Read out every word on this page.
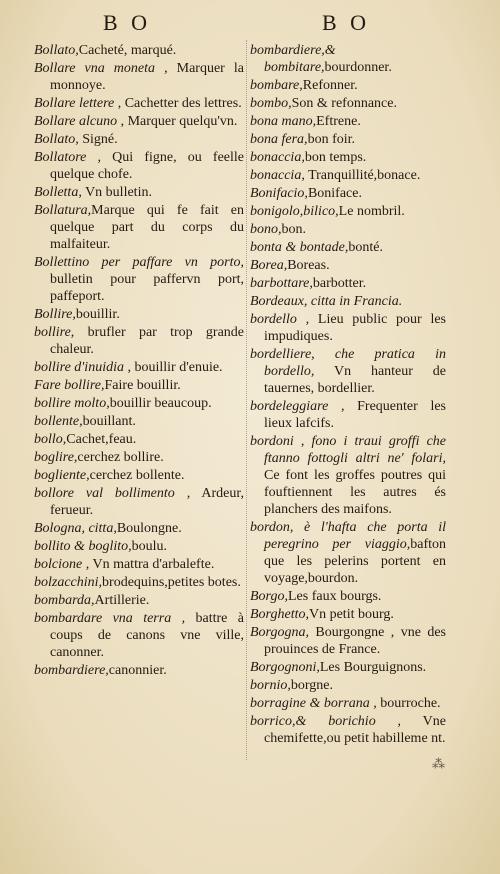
B O	B O

Bollato,Cacheté, marqué.

Bollare vna moneta , Marquer la monnoye.

Bollare lettere , Cachetter des lettres.

Bollare alcuno , Marquer quelqu'vn.

Bollato, Signé.

Bollatore , Qui figne, ou feelle quelque chofe.

Bolletta, Vn bulletin.

Bollatura,Marque qui fe fait en quelque part du corps du malfaiteur.

Bollettino per paffare vn porto, bulletin pour paffervn port, paffeport.

Bollire,bouillir.

bollire, brufler par trop grande chaleur.

bollire d'inuidia , bouillir d'enuie.

Fare bollire,Faire bouillir.

bollire molto,bouillir beaucoup.

bollente,bouillant.

bollo,Cachet,feau.

boglire,cerchez bollire.

bogliente,cerchez bollente.

bollore val bollimento , Ardeur, ferueur.

Bologna, citta,Boulongne.

bollito & boglito,boulu.

bolcione , Vn mattra d'arbalefte.

bolzacchini,brodequins,petites botes.

bombarda,Artillerie.

bombardare vna terra , battre à coups de canons vne ville, canonner.

bombardiere,canonnier.

bombardiere,& bombitare,bourdonner.

bombare,Refonner.

bombo,Son & refonnance.

bona mano,Eftrene.

bona fera,bon foir.

bonaccia,bon temps.

bonaccia, Tranquillité,bonace.

Bonifacio,Boniface.

bonigolo,bilico,Le nombril.

bono,bon.

bonta & bontade,bonté.

Borea,Boreas.

barbottare,barbotter.

Bordeaux, citta in Francia.

bordello , Lieu public pour les impudiques.

bordelliere, che pratica in bordello, Vn hanteur de tauernes, bordellier.

bordeleggiare , Frequenter les lieux lafcifs.

bordoni , fono i traui groffi che ftanno fottogli altri ne' folari, Ce font les groffes poutres qui fouftiennent les autres és planchers des maifons.

bordon, è l'hafta che porta il peregrino per viaggio,bafton que les pelerins portent en voyage,bourdon.

Borgo,Les faux bourgs.

Borghetto,Vn petit bourg.

Borgogna, Bourgongne , vne des prouinces de France.

Borgognoni,Les Bourguignons.

bornio,borgne.

borragine & borrana , bourroche.

borrico,& borichio , Vne chemifette,ou petit habilleme nt.

⁂
